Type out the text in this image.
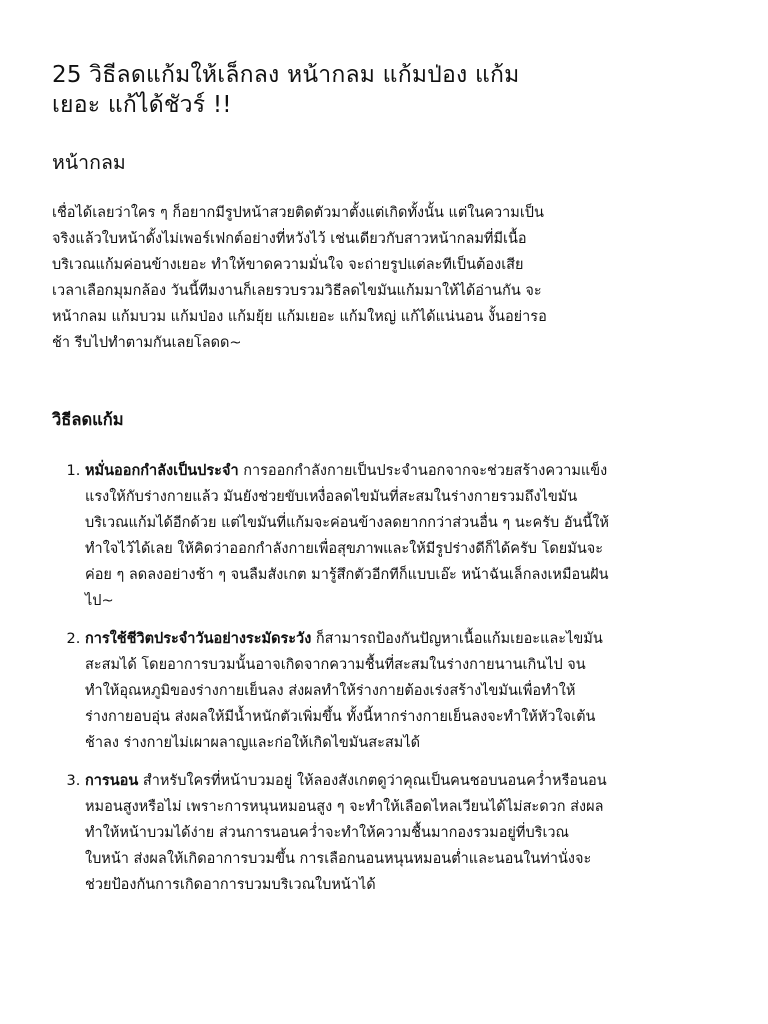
25 วิธีลดแก้มให้เล็กลง หน้ากลม แก้มป่อง แก้มเยอะ แก้ได้ชัวร์ !!
หน้ากลม

เชื่อได้เลยว่าใคร ๆ ก็อยากมีรูปหน้าสวยติดตัวมาตั้งแต่เกิดทั้งนั้น แต่ในความเป็นจริงแล้วใบหน้าดั้งไม่เพอร์เฟกต์อย่างที่หวังไว้ เช่นเดียวกับสาวหน้ากลมที่มีเนื้อบริเวณแก้มค่อนข้างเยอะ ทำให้ขาดความมั่นใจ จะถ่ายรูปแต่ละทีเป็นต้องเสียเวลาเลือกมุมกล้อง วันนี้ทีมงานก็เลยรวบรวมวิธีลดไขมันแก้มมาให้ได้อ่านกัน จะหน้ากลม แก้มบวม แก้มป่อง แก้มยุ้ย แก้มเยอะ แก้มใหญ่ แก้ได้แน่นอน งั้นอย่ารอช้า รีบไปทำตามกันเลยโลดด~

วิธีลดแก้ม
1. หมั่นออกกำลังเป็นประจำ การออกกำลังกายเป็นประจำนอกจากจะช่วยสร้างความแข็งแรงให้กับร่างกายแล้ว มันยังช่วยขับเหงื่อลดไขมันที่สะสมในร่างกายรวมถึงไขมันบริเวณแก้มได้อีกด้วย แต่ไขมันที่แก้มจะค่อนข้างลดยากกว่าส่วนอื่น ๆ นะครับ อันนี้ให้ทำใจไว้ได้เลย ให้คิดว่าออกกำลังกายเพื่อสุขภาพและให้มีรูปร่างดีก็ได้ครับ โดยมันจะค่อย ๆ ลดลงอย่างช้า ๆ จนลืมสังเกต มารู้สึกตัวอีกทีก็แบบเอ๊ะ หน้าฉันเล็กลงเหมือนฝันไป~
2. การใช้ชีวิตประจำวันอย่างระมัดระวัง ก็สามารถป้องกันปัญหาเนื้อแก้มเยอะและไขมันสะสมได้ โดยอาการบวมนั้นอาจเกิดจากความชื้นที่สะสมในร่างกายนานเกินไป จนทำให้อุณหภูมิของร่างกายเย็นลง ส่งผลทำให้ร่างกายต้องเร่งสร้างไขมันเพื่อทำให้ร่างกายอบอุ่น ส่งผลให้มีน้ำหนักตัวเพิ่มขึ้น ทั้งนี้หากร่างกายเย็นลงจะทำให้หัวใจเต้นช้าลง ร่างกายไม่เผาผลาญและก่อให้เกิดไขมันสะสมได้
3. การนอน สำหรับใครที่หน้าบวมอยู่ ให้ลองสังเกตดูว่าคุณเป็นคนชอบนอนคว่ำหรือนอนหมอนสูงหรือไม่ เพราะการหนุนหมอนสูง ๆ จะทำให้เลือดไหลเวียนได้ไม่สะดวก ส่งผลทำให้หน้าบวมได้ง่าย ส่วนการนอนคว่ำจะทำให้ความชื้นมากองรวมอยู่ที่บริเวณใบหน้า ส่งผลให้เกิดอาการบวมขึ้น การเลือกนอนหนุนหมอนต่ำและนอนในท่านั่งจะช่วยป้องกันการเกิดอาการบวมบริเวณใบหน้าได้
